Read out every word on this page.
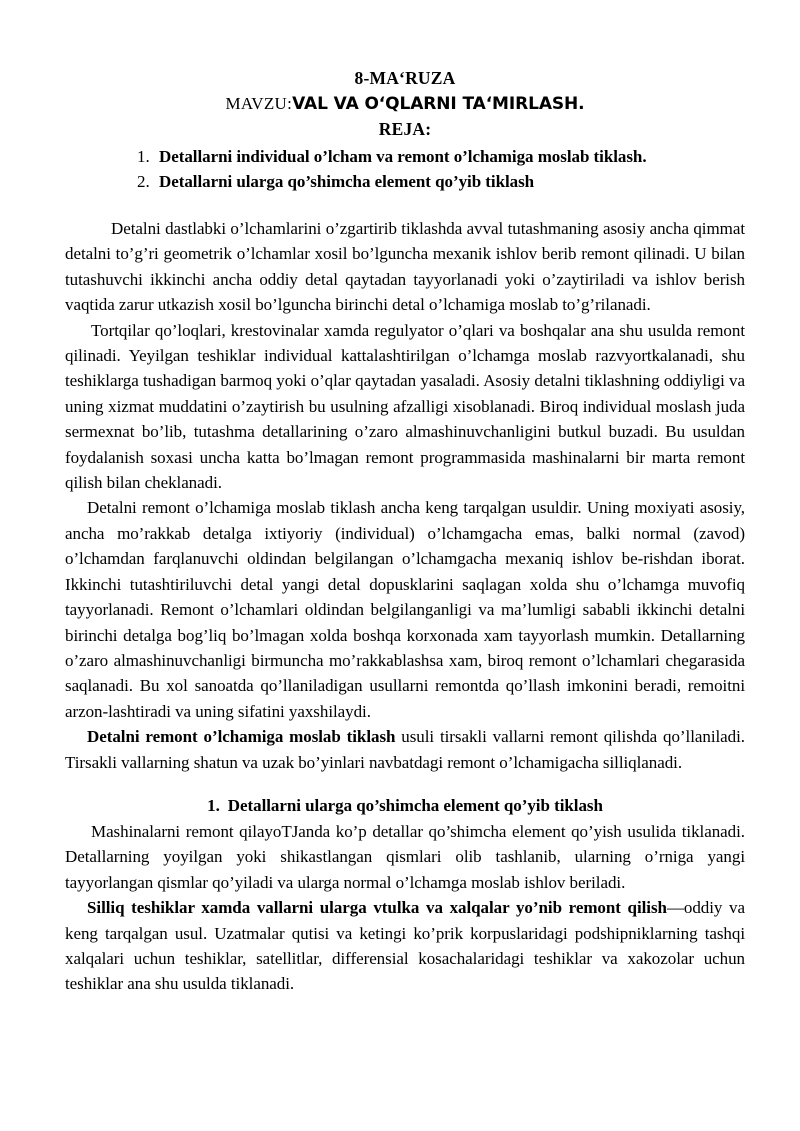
8-MA‘RUZA
MAVZU:VAL VA O‘QLARNI TA‘MIRLASH.
REJA:
1. Detallarni individual o’lcham va remont o’lchamiga moslab tiklash.
2. Detallarni ularga qo’shimcha element qo’yib tiklash

Detalni dastlabki o’lchamlarini o’zgartirib tiklashda avval tutashmaning asosiy ancha qimmat detalni to’g’ri geometrik o’lchamlar xosil bo’lguncha mexanik ishlov berib remont qilinadi. U bilan tutashuvchi ikkinchi ancha oddiy detal qaytadan tayyorlanadi yoki o’zaytiriladi va ishlov berish vaqtida zarur utkazish xosil bo’lguncha birinchi detal o’lchamiga moslab to’g’rilanadi.

Tortqilar qo’loqlari, krestovinalar xamda regulyator o’qlari va boshqalar ana shu usulda remont qilinadi. Yeyilgan teshiklar individual kattalashtirilgan o’lchamga moslab razvyortkalanadi, shu teshiklarga tushadigan barmoq yoki o’qlar qaytadan yasaladi. Asosiy detalni tiklashning oddiyligi va uning xizmat muddatini o’zaytirish bu usulning afzalligi xisoblanadi. Biroq individual moslash juda sermexnat bo’lib, tutashma detallarining o’zaro almashinuvchanligini butkul buzadi. Bu usuldan foydalanish soxasi uncha katta bo’lmagan remont programmasida mashinalarni bir marta remont qilish bilan cheklanadi.

Detalni remont o’lchamiga moslab tiklash ancha keng tarqalgan usuldir. Uning moxiyati asosiy, ancha mo’rakkab detalga ixtiyoriy (individual) o’lchamgacha emas, balki normal (zavod) o’lchamdan farqlanuvchi oldindan belgilangan o’lchamgacha mexaniq ishlov be-rishdan iborat. Ikkinchi tutashtiriluvchi detal yangi detal dopusklarini saqlagan xolda shu o’lchamga muvofiq tayyorlanadi. Remont o’lchamlari oldindan belgilanganligi va ma’lumligi sababli ikkinchi detalni birinchi detalga bog’liq bo’lmagan xolda boshqa korxonada xam tayyorlash mumkin. Detallarning o’zaro almashinuvchanligi birmuncha mo’rakkablashsa xam, biroq remont o’lchamlari chegarasida saqlanadi. Bu xol sanoatda qo’llaniladigan usullarni remontda qo’llash imkonini beradi, remoitni arzon-lashtiradi va uning sifatini yaxshilaydi.

Detalni remont o’lchamiga moslab tiklash usuli tirsakli vallarni remont qilishda qo’llaniladi. Tirsakli vallarning shatun va uzak bo’yinlari navbatdagi remont o’lchamigacha silliqlanadi.

1. Detallarni ularga qo’shimcha element qo’yib tiklash

Mashinalarni remont qilayoTJanda ko’p detallar qo’shimcha element qo’yish usulida tiklanadi. Detallarning yoyilgan yoki shikastlangan qismlari olib tashlanib, ularning o’rniga yangi tayyorlangan qismlar qo’yiladi va ularga normal o’lchamga moslab ishlov beriladi.

Silliq teshiklar xamda vallarni ularga vtulka va xalqalar yo’nib remont qilish—oddiy va keng tarqalgan usul. Uzatmalar qutisi va ketingi ko’prik korpuslaridagi podshipniklarning tashqi xalqalari uchun teshiklar, satellitlar, differensial kosachalaridagi teshiklar va xakozolar uchun teshiklar ana shu usulda tiklanadi.
